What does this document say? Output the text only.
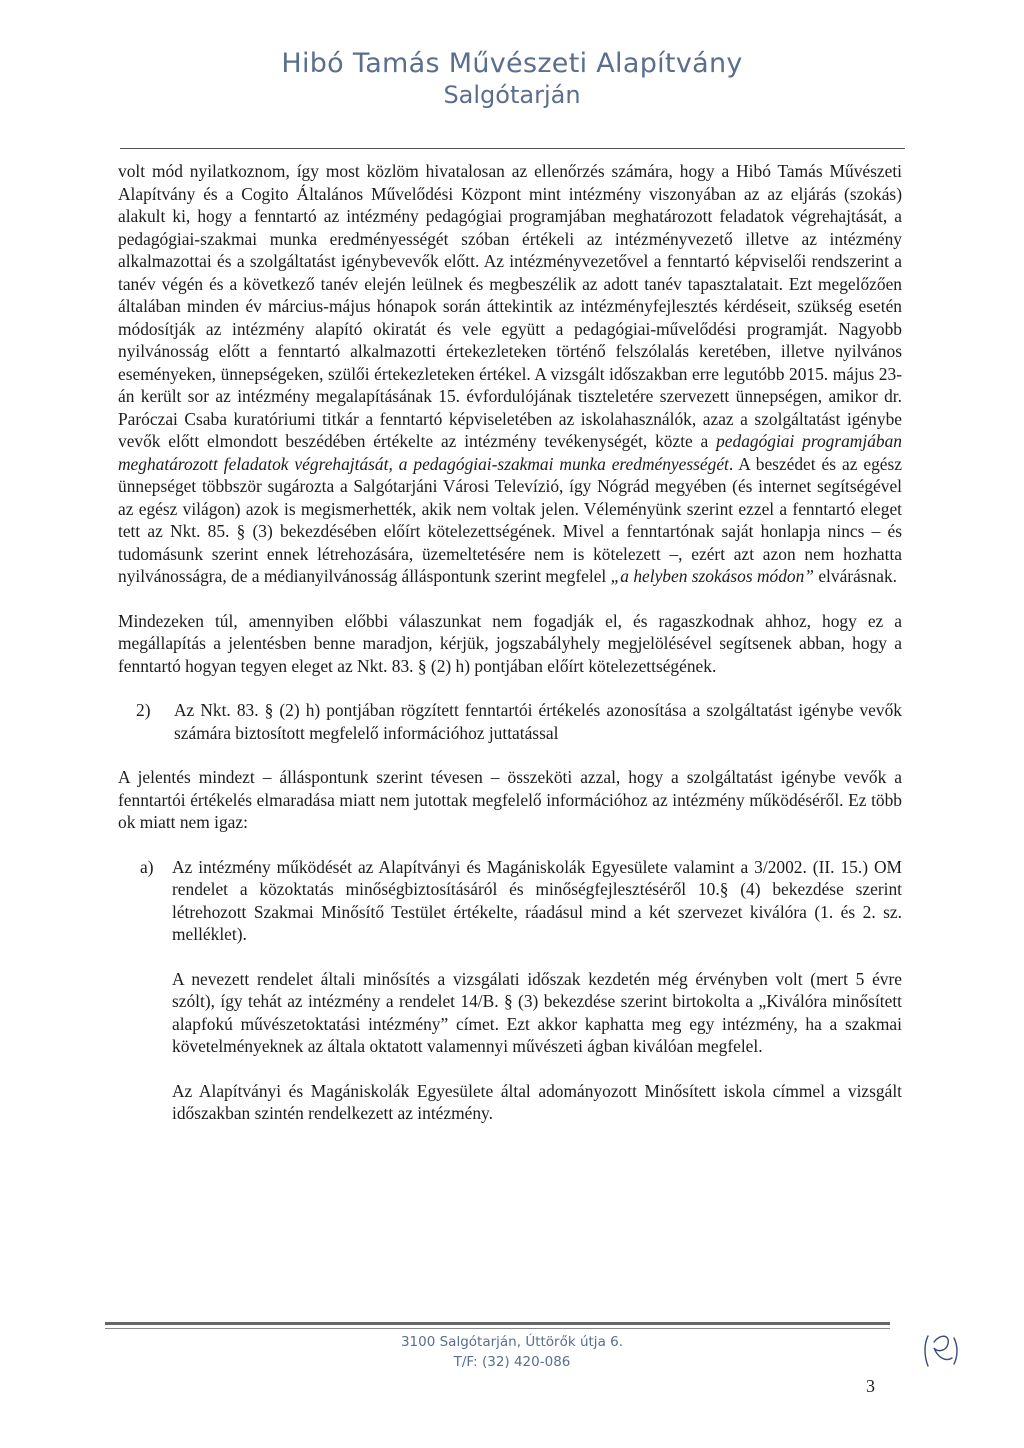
Hibó Tamás Művészeti Alapítvány
Salgótarján

volt mód nyilatkoznom, így most közlöm hivatalosan az ellenőrzés számára, hogy a Hibó Tamás Művészeti Alapítvány és a Cogito Általános Művelődési Központ mint intézmény viszonyában az az eljárás (szokás) alakult ki, hogy a fenntartó az intézmény pedagógiai programjában meghatározott feladatok végrehajtását, a pedagógiai-szakmai munka eredményességét szóban értékeli az intézményvezető illetve az intézmény alkalmazottai és a szolgáltatást igénybevevők előtt. Az intézményvezetővel a fenntartó képviselői rendszerint a tanév végén és a következő tanév elején leülnek és megbeszélik az adott tanév tapasztalatait. Ezt megelőzően általában minden év március-május hónapok során áttekintik az intézményfejlesztés kérdéseit, szükség esetén módosítják az intézmény alapító okiratát és vele együtt a pedagógiai-művelődési programját. Nagyobb nyilvánosság előtt a fenntartó alkalmazotti értekezleteken történő felszólalás keretében, illetve nyilvános eseményeken, ünnepségeken, szülői értekezleteken értékel. A vizsgált időszakban erre legutóbb 2015. május 23-án került sor az intézmény megalapításának 15. évfordulójának tiszteletére szervezett ünnepségen, amikor dr. Paróczai Csaba kuratóriumi titkár a fenntartó képviseletében az iskolahasználók, azaz a szolgáltatást igénybe vevők előtt elmondott beszédében értékelte az intézmény tevékenységét, közte a pedagógiai programjában meghatározott feladatok végrehajtását, a pedagógiai-szakmai munka eredményességét. A beszédet és az egész ünnepséget többször sugározta a Salgótarjáni Városi Televízió, így Nógrád megyében (és internet segítségével az egész világon) azok is megismerhették, akik nem voltak jelen. Véleményünk szerint ezzel a fenntartó eleget tett az Nkt. 85. § (3) bekezdésében előírt kötelezettségének. Mivel a fenntartónak saját honlapja nincs – és tudomásunk szerint ennek létrehozására, üzemeltetésére nem is kötelezett –, ezért azt azon nem hozhatta nyilvánosságra, de a médianyilvánosság álláspontunk szerint megfelel „a helyben szokásos módon” elvárásnak.

Mindezeken túl, amennyiben előbbi válaszunkat nem fogadják el, és ragaszkodnak ahhoz, hogy ez a megállapítás a jelentésben benne maradjon, kérjük, jogszabályhely megjelölésével segítsenek abban, hogy a fenntartó hogyan tegyen eleget az Nkt. 83. § (2) h) pontjában előírt kötelezettségének.

2)	Az Nkt. 83. § (2) h) pontjában rögzített fenntartói értékelés azonosítása a szolgáltatást igénybe vevők számára biztosított megfelelő információhoz juttatással

A jelentés mindezt – álláspontunk szerint tévesen – összeköti azzal, hogy a szolgáltatást igénybe vevők a fenntartói értékelés elmaradása miatt nem jutottak megfelelő információhoz az intézmény működéséről. Ez több ok miatt nem igaz:

a)	Az intézmény működését az Alapítványi és Magániskolák Egyesülete valamint a 3/2002. (II. 15.) OM rendelet a közoktatás minőségbiztosításáról és minőségfejlesztéséről 10.§ (4) bekezdése szerint létrehozott Szakmai Minősítő Testület értékelte, ráadásul mind a két szervezet kiválóra (1. és 2. sz. melléklet).

A nevezett rendelet általi minősítés a vizsgálati időszak kezdetén még érvényben volt (mert 5 évre szólt), így tehát az intézmény a rendelet 14/B. § (3) bekezdése szerint birtokolta a „Kiválóra minősített alapfokú művészetoktatási intézmény” címet. Ezt akkor kaphatta meg egy intézmény, ha a szakmai követelményeknek az általa oktatott valamennyi művészeti ágban kiválóan megfelel.

Az Alapítványi és Magániskolák Egyesülete által adományozott Minősített iskola címmel a vizsgált időszakban szintén rendelkezett az intézmény.

3100 Salgótarján, Úttörők útja 6.
T/F: (32) 420-086
3
